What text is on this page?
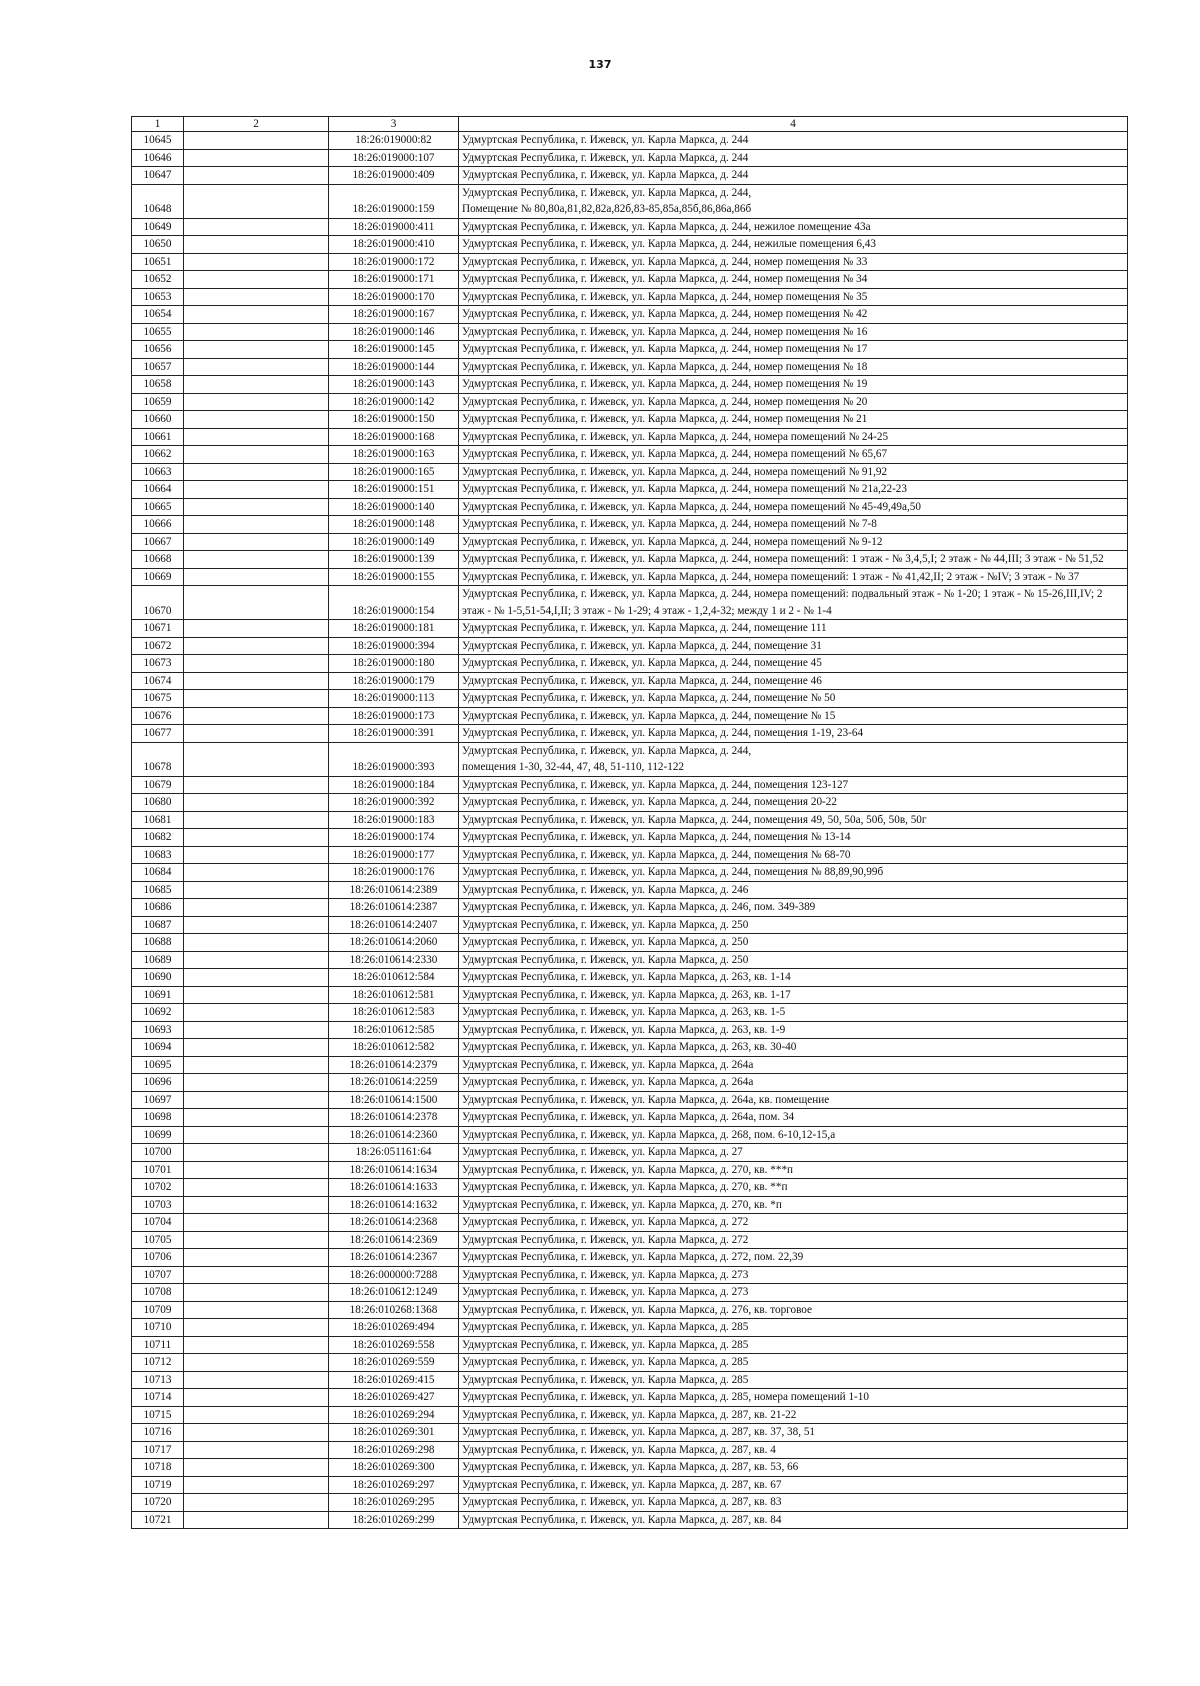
137
1	2	3	4
10645		18:26:019000:82	Удмуртская Республика, г. Ижевск, ул. Карла Маркса, д. 244
10646		18:26:019000:107	Удмуртская Республика, г. Ижевск, ул. Карла Маркса, д. 244
10647		18:26:019000:409	Удмуртская Республика, г. Ижевск, ул. Карла Маркса, д. 244
10648		18:26:019000:159	Удмуртская Республика, г. Ижевск, ул. Карла Маркса, д. 244,
Помещение № 80,80а,81,82,82а,82б,83-85,85а,85б,86,86а,86б
10649		18:26:019000:411	Удмуртская Республика, г. Ижевск, ул. Карла Маркса, д. 244, нежилое помещение 43а
10650		18:26:019000:410	Удмуртская Республика, г. Ижевск, ул. Карла Маркса, д. 244, нежилые помещения 6,43
10651		18:26:019000:172	Удмуртская Республика, г. Ижевск, ул. Карла Маркса, д. 244, номер помещения № 33
10652		18:26:019000:171	Удмуртская Республика, г. Ижевск, ул. Карла Маркса, д. 244, номер помещения № 34
10653		18:26:019000:170	Удмуртская Республика, г. Ижевск, ул. Карла Маркса, д. 244, номер помещения № 35
10654		18:26:019000:167	Удмуртская Республика, г. Ижевск, ул. Карла Маркса, д. 244, номер помещения № 42
10655		18:26:019000:146	Удмуртская Республика, г. Ижевск, ул. Карла Маркса, д. 244, номер помещения № 16
10656		18:26:019000:145	Удмуртская Республика, г. Ижевск, ул. Карла Маркса, д. 244, номер помещения № 17
10657		18:26:019000:144	Удмуртская Республика, г. Ижевск, ул. Карла Маркса, д. 244, номер помещения № 18
10658		18:26:019000:143	Удмуртская Республика, г. Ижевск, ул. Карла Маркса, д. 244, номер помещения № 19
10659		18:26:019000:142	Удмуртская Республика, г. Ижевск, ул. Карла Маркса, д. 244, номер помещения № 20
10660		18:26:019000:150	Удмуртская Республика, г. Ижевск, ул. Карла Маркса, д. 244, номер помещения № 21
10661		18:26:019000:168	Удмуртская Республика, г. Ижевск, ул. Карла Маркса, д. 244, номера помещений № 24-25
10662		18:26:019000:163	Удмуртская Республика, г. Ижевск, ул. Карла Маркса, д. 244, номера помещений № 65,67
10663		18:26:019000:165	Удмуртская Республика, г. Ижевск, ул. Карла Маркса, д. 244, номера помещений № 91,92
10664		18:26:019000:151	Удмуртская Республика, г. Ижевск, ул. Карла Маркса, д. 244, номера помещений № 21а,22-23
10665		18:26:019000:140	Удмуртская Республика, г. Ижевск, ул. Карла Маркса, д. 244, номера помещений № 45-49,49а,50
10666		18:26:019000:148	Удмуртская Республика, г. Ижевск, ул. Карла Маркса, д. 244, номера помещений № 7-8
10667		18:26:019000:149	Удмуртская Республика, г. Ижевск, ул. Карла Маркса, д. 244, номера помещений № 9-12
10668		18:26:019000:139	Удмуртская Республика, г. Ижевск, ул. Карла Маркса, д. 244, номера помещений: 1 этаж - № 3,4,5,I; 2 этаж - № 44,III; 3 этаж - № 51,52
10669		18:26:019000:155	Удмуртская Республика, г. Ижевск, ул. Карла Маркса, д. 244, номера помещений: 1 этаж - № 41,42,II; 2 этаж - №IV; 3 этаж - № 37
10670		18:26:019000:154	Удмуртская Республика, г. Ижевск, ул. Карла Маркса, д. 244, номера помещений: подвальный этаж - № 1-20; 1 этаж - № 15-26,III,IV; 2 этаж - № 1-5,51-54,I,II; 3 этаж - № 1-29; 4 этаж - 1,2,4-32; между 1 и 2 - № 1-4
10671		18:26:019000:181	Удмуртская Республика, г. Ижевск, ул. Карла Маркса, д. 244, помещение 111
10672		18:26:019000:394	Удмуртская Республика, г. Ижевск, ул. Карла Маркса, д. 244, помещение 31
10673		18:26:019000:180	Удмуртская Республика, г. Ижевск, ул. Карла Маркса, д. 244, помещение 45
10674		18:26:019000:179	Удмуртская Республика, г. Ижевск, ул. Карла Маркса, д. 244, помещение 46
10675		18:26:019000:113	Удмуртская Республика, г. Ижевск, ул. Карла Маркса, д. 244, помещение № 50
10676		18:26:019000:173	Удмуртская Республика, г. Ижевск, ул. Карла Маркса, д. 244, помещение № 15
10677		18:26:019000:391	Удмуртская Республика, г. Ижевск, ул. Карла Маркса, д. 244, помещения 1-19, 23-64
10678		18:26:019000:393	Удмуртская Республика, г. Ижевск, ул. Карла Маркса, д. 244,
помещения 1-30, 32-44, 47, 48, 51-110, 112-122
10679		18:26:019000:184	Удмуртская Республика, г. Ижевск, ул. Карла Маркса, д. 244, помещения 123-127
10680		18:26:019000:392	Удмуртская Республика, г. Ижевск, ул. Карла Маркса, д. 244, помещения 20-22
10681		18:26:019000:183	Удмуртская Республика, г. Ижевск, ул. Карла Маркса, д. 244, помещения 49, 50, 50а, 50б, 50в, 50г
10682		18:26:019000:174	Удмуртская Республика, г. Ижевск, ул. Карла Маркса, д. 244, помещения № 13-14
10683		18:26:019000:177	Удмуртская Республика, г. Ижевск, ул. Карла Маркса, д. 244, помещения № 68-70
10684		18:26:019000:176	Удмуртская Республика, г. Ижевск, ул. Карла Маркса, д. 244, помещения № 88,89,90,99б
10685		18:26:010614:2389	Удмуртская Республика, г. Ижевск, ул. Карла Маркса, д. 246
10686		18:26:010614:2387	Удмуртская Республика, г. Ижевск, ул. Карла Маркса, д. 246, пом. 349-389
10687		18:26:010614:2407	Удмуртская Республика, г. Ижевск, ул. Карла Маркса, д. 250
10688		18:26:010614:2060	Удмуртская Республика, г. Ижевск, ул. Карла Маркса, д. 250
10689		18:26:010614:2330	Удмуртская Республика, г. Ижевск, ул. Карла Маркса, д. 250
10690		18:26:010612:584	Удмуртская Республика, г. Ижевск, ул. Карла Маркса, д. 263, кв. 1-14
10691		18:26:010612:581	Удмуртская Республика, г. Ижевск, ул. Карла Маркса, д. 263, кв. 1-17
10692		18:26:010612:583	Удмуртская Республика, г. Ижевск, ул. Карла Маркса, д. 263, кв. 1-5
10693		18:26:010612:585	Удмуртская Республика, г. Ижевск, ул. Карла Маркса, д. 263, кв. 1-9
10694		18:26:010612:582	Удмуртская Республика, г. Ижевск, ул. Карла Маркса, д. 263, кв. 30-40
10695		18:26:010614:2379	Удмуртская Республика, г. Ижевск, ул. Карла Маркса, д. 264а
10696		18:26:010614:2259	Удмуртская Республика, г. Ижевск, ул. Карла Маркса, д. 264а
10697		18:26:010614:1500	Удмуртская Республика, г. Ижевск, ул. Карла Маркса, д. 264а, кв. помещение
10698		18:26:010614:2378	Удмуртская Республика, г. Ижевск, ул. Карла Маркса, д. 264а, пом. 34
10699		18:26:010614:2360	Удмуртская Республика, г. Ижевск, ул. Карла Маркса, д. 268, пом. 6-10,12-15,а
10700		18:26:051161:64	Удмуртская Республика, г. Ижевск, ул. Карла Маркса, д. 27
10701		18:26:010614:1634	Удмуртская Республика, г. Ижевск, ул. Карла Маркса, д. 270, кв. ***п
10702		18:26:010614:1633	Удмуртская Республика, г. Ижевск, ул. Карла Маркса, д. 270, кв. **п
10703		18:26:010614:1632	Удмуртская Республика, г. Ижевск, ул. Карла Маркса, д. 270, кв. *п
10704		18:26:010614:2368	Удмуртская Республика, г. Ижевск, ул. Карла Маркса, д. 272
10705		18:26:010614:2369	Удмуртская Республика, г. Ижевск, ул. Карла Маркса, д. 272
10706		18:26:010614:2367	Удмуртская Республика, г. Ижевск, ул. Карла Маркса, д. 272, пом. 22,39
10707		18:26:000000:7288	Удмуртская Республика, г. Ижевск, ул. Карла Маркса, д. 273
10708		18:26:010612:1249	Удмуртская Республика, г. Ижевск, ул. Карла Маркса, д. 273
10709		18:26:010268:1368	Удмуртская Республика, г. Ижевск, ул. Карла Маркса, д. 276, кв. торговое
10710		18:26:010269:494	Удмуртская Республика, г. Ижевск, ул. Карла Маркса, д. 285
10711		18:26:010269:558	Удмуртская Республика, г. Ижевск, ул. Карла Маркса, д. 285
10712		18:26:010269:559	Удмуртская Республика, г. Ижевск, ул. Карла Маркса, д. 285
10713		18:26:010269:415	Удмуртская Республика, г. Ижевск, ул. Карла Маркса, д. 285
10714		18:26:010269:427	Удмуртская Республика, г. Ижевск, ул. Карла Маркса, д. 285, номера помещений 1-10
10715		18:26:010269:294	Удмуртская Республика, г. Ижевск, ул. Карла Маркса, д. 287, кв. 21-22
10716		18:26:010269:301	Удмуртская Республика, г. Ижевск, ул. Карла Маркса, д. 287, кв. 37, 38, 51
10717		18:26:010269:298	Удмуртская Республика, г. Ижевск, ул. Карла Маркса, д. 287, кв. 4
10718		18:26:010269:300	Удмуртская Республика, г. Ижевск, ул. Карла Маркса, д. 287, кв. 53, 66
10719		18:26:010269:297	Удмуртская Республика, г. Ижевск, ул. Карла Маркса, д. 287, кв. 67
10720		18:26:010269:295	Удмуртская Республика, г. Ижевск, ул. Карла Маркса, д. 287, кв. 83
10721		18:26:010269:299	Удмуртская Республика, г. Ижевск, ул. Карла Маркса, д. 287, кв. 84
